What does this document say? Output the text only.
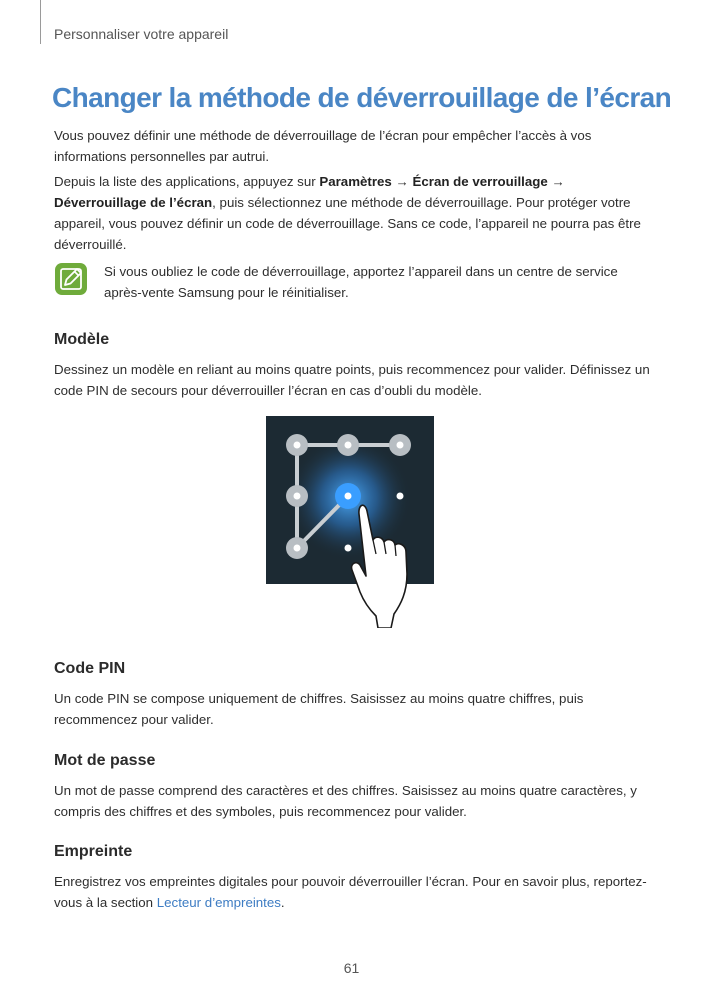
Personnaliser votre appareil
Changer la méthode de déverrouillage de l’écran

Vous pouvez définir une méthode de déverrouillage de l’écran pour empêcher l’accès à vos informations personnelles par autrui.

Depuis la liste des applications, appuyez sur Paramètres → Écran de verrouillage → Déverrouillage de l’écran, puis sélectionnez une méthode de déverrouillage. Pour protéger votre appareil, vous pouvez définir un code de déverrouillage. Sans ce code, l’appareil ne pourra pas être déverrouillé.

Si vous oubliez le code de déverrouillage, apportez l’appareil dans un centre de service après-vente Samsung pour le réinitialiser.

Modèle

Dessinez un modèle en reliant au moins quatre points, puis recommencez pour valider. Définissez un code PIN de secours pour déverrouiller l’écran en cas d’oubli du modèle.

Code PIN

Un code PIN se compose uniquement de chiffres. Saisissez au moins quatre chiffres, puis recommencez pour valider.

Mot de passe

Un mot de passe comprend des caractères et des chiffres. Saisissez au moins quatre caractères, y compris des chiffres et des symboles, puis recommencez pour valider.

Empreinte

Enregistrez vos empreintes digitales pour pouvoir déverrouiller l’écran. Pour en savoir plus, reportez-vous à la section Lecteur d’empreintes.

61
